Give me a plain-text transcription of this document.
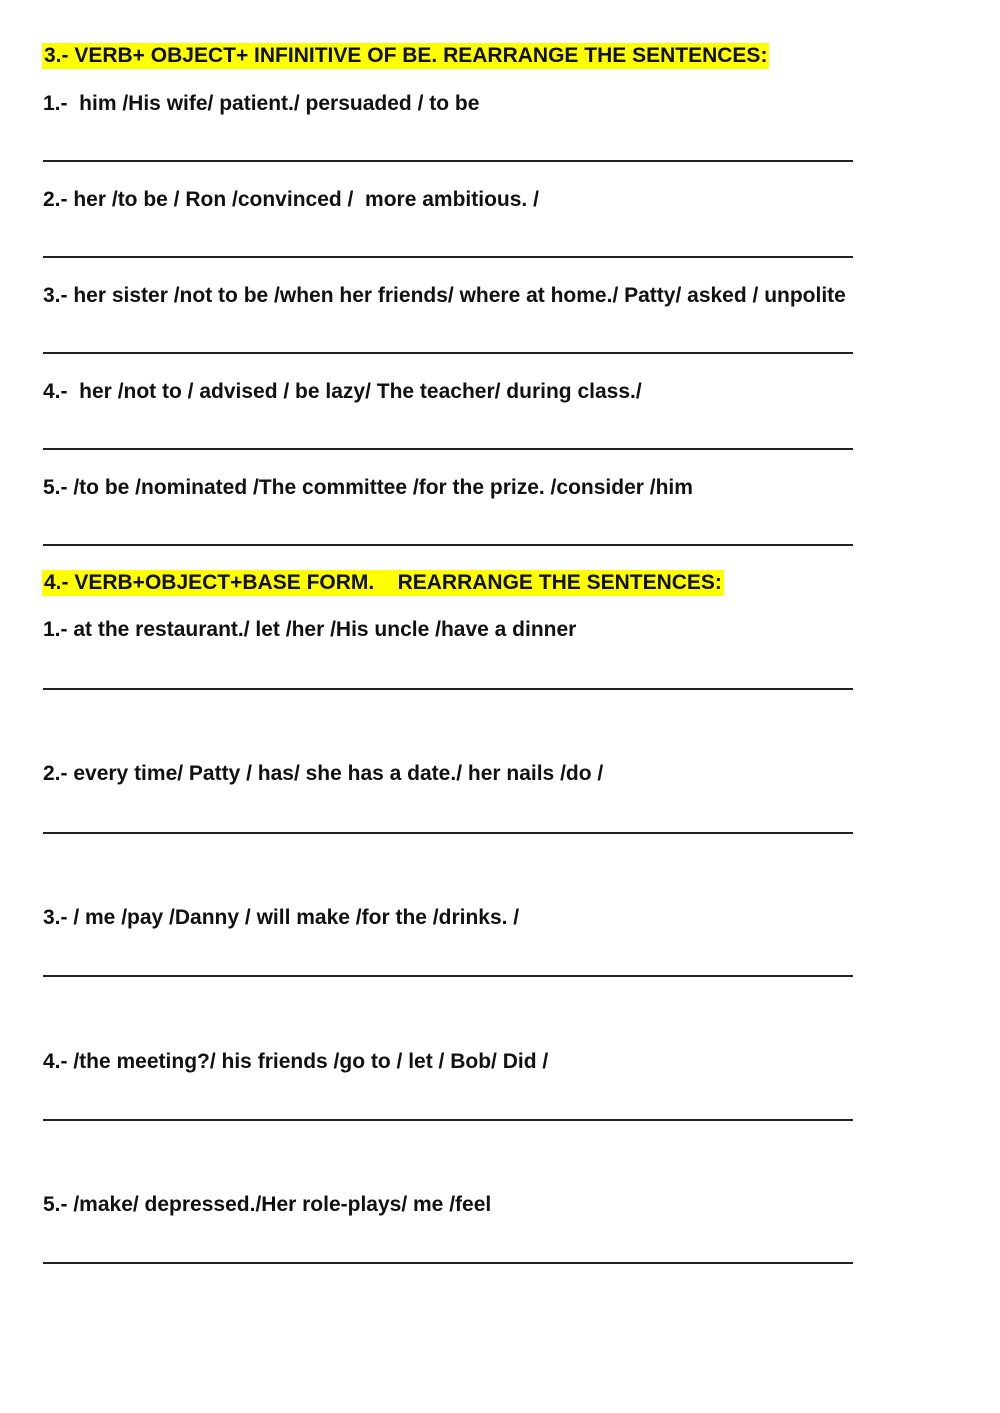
3.- VERB+ OBJECT+ INFINITIVE OF BE. REARRANGE THE SENTENCES:
1.-  him /His wife/ patient./ persuaded / to be
2.- her /to be / Ron /convinced /  more ambitious. /
3.- her sister /not to be /when her friends/ where at home./ Patty/ asked / unpolite
4.-  her /not to / advised / be lazy/ The teacher/ during class./
5.- /to be /nominated /The committee /for the prize. /consider /him
4.- VERB+OBJECT+BASE FORM.    REARRANGE THE SENTENCES:
1.- at the restaurant./ let /her /His uncle /have a dinner
2.- every time/ Patty / has/ she has a date./ her nails /do /
3.- / me /pay /Danny / will make /for the /drinks. /
4.- /the meeting?/ his friends /go to / let / Bob/ Did /
5.- /make/ depressed./Her role-plays/ me /feel
